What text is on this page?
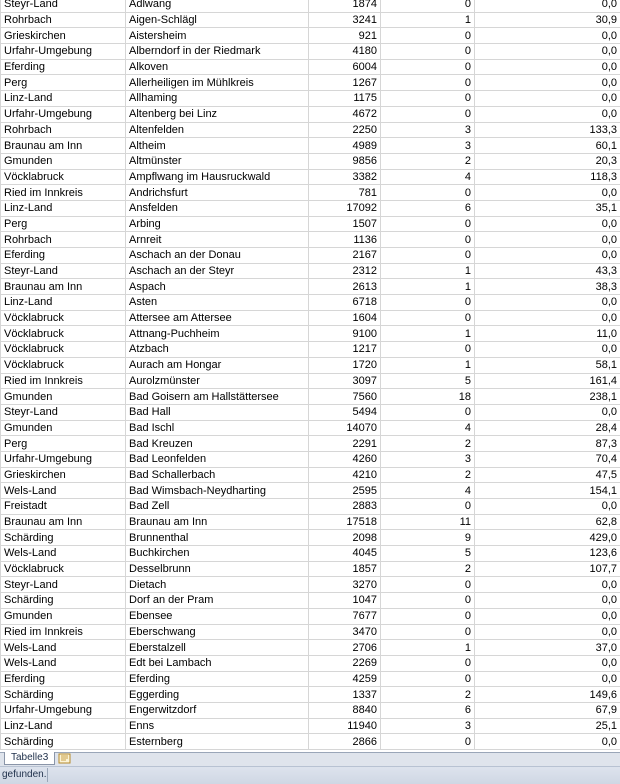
Steyr-Land	Adlwang	1874	0	0,0
Rohrbach	Aigen-Schlägl	3241	1	30,9
Grieskirchen	Aistersheim	921	0	0,0
Urfahr-Umgebung	Alberndorf in der Riedmark	4180	0	0,0
Eferding	Alkoven	6004	0	0,0
Perg	Allerheiligen im Mühlkreis	1267	0	0,0
Linz-Land	Allhaming	1175	0	0,0
Urfahr-Umgebung	Altenberg bei Linz	4672	0	0,0
Rohrbach	Altenfelden	2250	3	133,3
Braunau am Inn	Altheim	4989	3	60,1
Gmunden	Altmünster	9856	2	20,3
Vöcklabruck	Ampflwang im Hausruckwald	3382	4	118,3
Ried im Innkreis	Andrichsfurt	781	0	0,0
Linz-Land	Ansfelden	17092	6	35,1
Perg	Arbing	1507	0	0,0
Rohrbach	Arnreit	1136	0	0,0
Eferding	Aschach an der Donau	2167	0	0,0
Steyr-Land	Aschach an der Steyr	2312	1	43,3
Braunau am Inn	Aspach	2613	1	38,3
Linz-Land	Asten	6718	0	0,0
Vöcklabruck	Attersee am Attersee	1604	0	0,0
Vöcklabruck	Attnang-Puchheim	9100	1	11,0
Vöcklabruck	Atzbach	1217	0	0,0
Vöcklabruck	Aurach am Hongar	1720	1	58,1
Ried im Innkreis	Aurolzmünster	3097	5	161,4
Gmunden	Bad Goisern am Hallstättersee	7560	18	238,1
Steyr-Land	Bad Hall	5494	0	0,0
Gmunden	Bad Ischl	14070	4	28,4
Perg	Bad Kreuzen	2291	2	87,3
Urfahr-Umgebung	Bad Leonfelden	4260	3	70,4
Grieskirchen	Bad Schallerbach	4210	2	47,5
Wels-Land	Bad Wimsbach-Neydharting	2595	4	154,1
Freistadt	Bad Zell	2883	0	0,0
Braunau am Inn	Braunau am Inn	17518	11	62,8
Schärding	Brunnenthal	2098	9	429,0
Wels-Land	Buchkirchen	4045	5	123,6
Vöcklabruck	Desselbrunn	1857	2	107,7
Steyr-Land	Dietach	3270	0	0,0
Schärding	Dorf an der Pram	1047	0	0,0
Gmunden	Ebensee	7677	0	0,0
Ried im Innkreis	Eberschwang	3470	0	0,0
Wels-Land	Eberstalzell	2706	1	37,0
Wels-Land	Edt bei Lambach	2269	0	0,0
Eferding	Eferding	4259	0	0,0
Schärding	Eggerding	1337	2	149,6
Urfahr-Umgebung	Engerwitzdorf	8840	6	67,9
Linz-Land	Enns	11940	3	25,1
Schärding	Esternberg	2866	0	0,0
Tabelle3
gefunden.
